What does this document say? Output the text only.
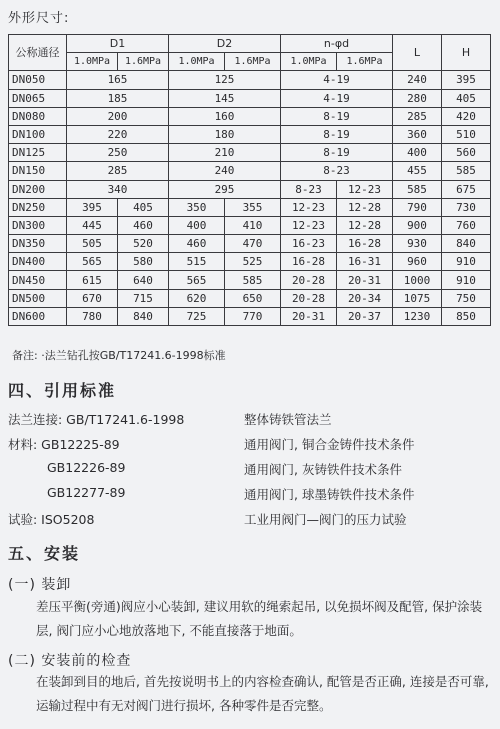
外形尺寸:
公称通径	D1		D2		n-φd		L	H
	1.0MPa	1.6MPa	1.0MPa	1.6MPa	1.0MPa	1.6MPa		
DN050	165		125		4-19		240	395
DN065	185		145		4-19		280	405
DN080	200		160		8-19		285	420
DN100	220		180		8-19		360	510
DN125	250		210		8-19		400	560
DN150	285		240		8-23		455	585
DN200	340		295		8-23	12-23	585	675
DN250	395	405	350	355	12-23	12-28	790	730
DN300	445	460	400	410	12-23	12-28	900	760
DN350	505	520	460	470	16-23	16-28	930	840
DN400	565	580	515	525	16-28	16-31	960	910
DN450	615	640	565	585	20-28	20-31	1000	910
DN500	670	715	620	650	20-28	20-34	1075	750
DN600	780	840	725	770	20-31	20-37	1230	850
备注: ·法兰钻孔按GB/T17241.6-1998标准
四、引用标准
法兰连接: GB/T17241.6-1998	整体铸铁管法兰
材料: GB12225-89	通用阀门, 铜合金铸件技术条件
GB12226-89	通用阀门, 灰铸铁件技术条件
GB12277-89	通用阀门, 球墨铸铁件技术条件
试验: ISO5208	工业用阀门—阀门的压力试验
五、安装
(一) 装卸
差压平衡(旁通)阀应小心装卸, 建议用软的绳索起吊, 以免损坏阀及配管, 保护涂装层, 阀门应小心地放落地下, 不能直接落于地面。
(二) 安装前的检查
在装卸到目的地后, 首先按说明书上的内容检查确认, 配管是否正确, 连接是否可靠, 运输过程中有无对阀门进行损坏, 各种零件是否完整。
